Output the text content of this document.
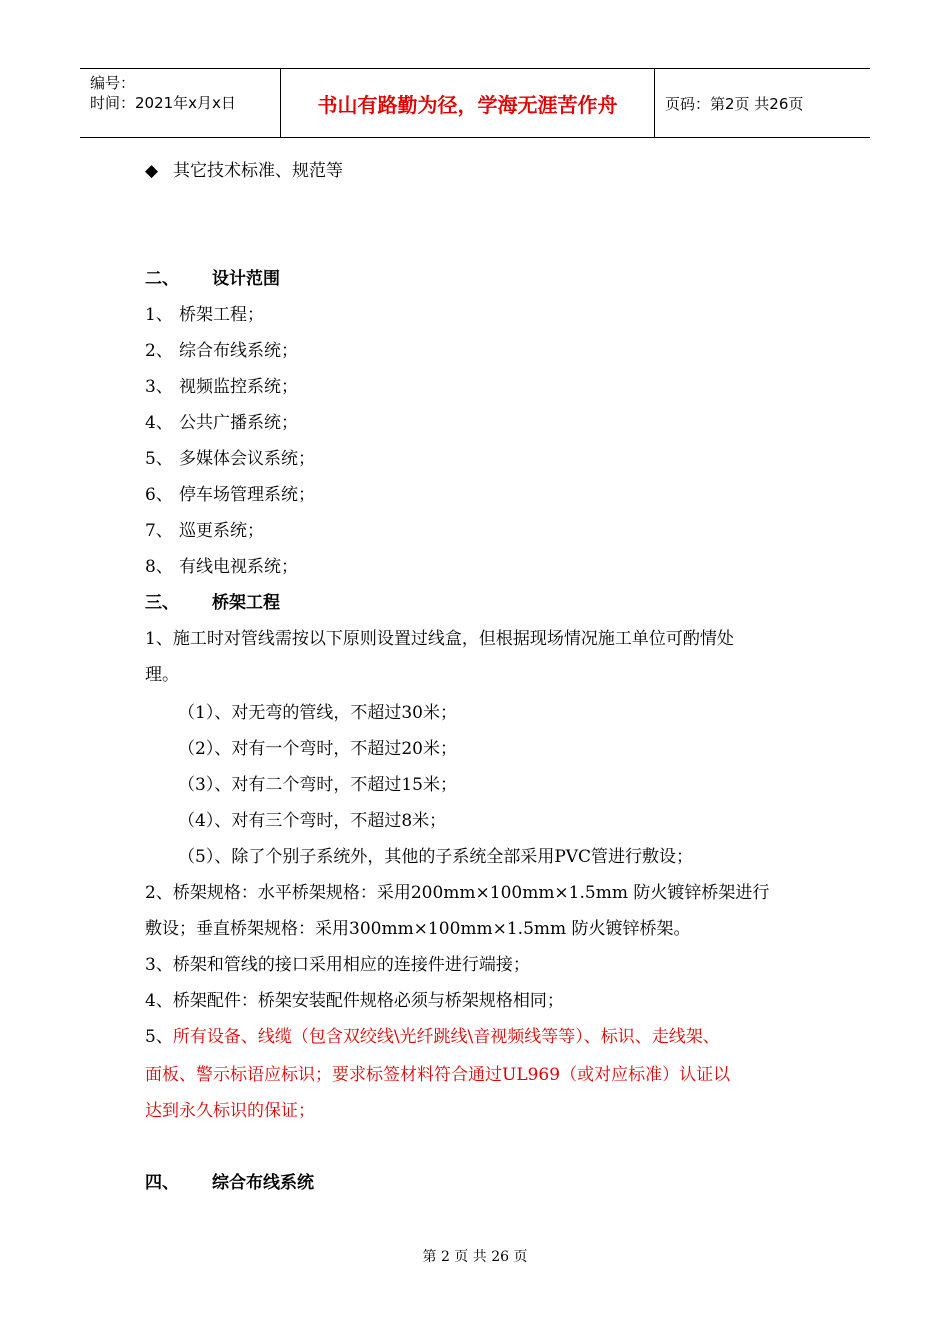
编号：
时间：2021年x月x日	书山有路勤为径，学海无涯苦作舟	页码：第2页 共26页
◆ 其它技术标准、规范等
二、 设计范围
1、 桥架工程；
2、 综合布线系统；
3、 视频监控系统；
4、 公共广播系统；
5、 多媒体会议系统；
6、 停车场管理系统；
7、 巡更系统；
8、 有线电视系统；
三、 桥架工程
1、施工时对管线需按以下原则设置过线盒，但根据现场情况施工单位可酌情处
理。
（1）、对无弯的管线，不超过30米；
（2）、对有一个弯时，不超过20米；
（3）、对有二个弯时，不超过15米；
（4）、对有三个弯时，不超过8米；
（5）、除了个别子系统外，其他的子系统全部采用PVC管进行敷设；
2、桥架规格：水平桥架规格：采用200mm×100mm×1.5mm 防火镀锌桥架进行
敷设；垂直桥架规格：采用300mm×100mm×1.5mm 防火镀锌桥架。
3、桥架和管线的接口采用相应的连接件进行端接；
4、桥架配件：桥架安装配件规格必须与桥架规格相同；
5、所有设备、线缆（包含双绞线\光纤跳线\音视频线等等）、标识、走线架、
面板、警示标语应标识；要求标签材料符合通过UL969（或对应标准）认证以
达到永久标识的保证；
四、 综合布线系统
第 2 页 共 26 页
